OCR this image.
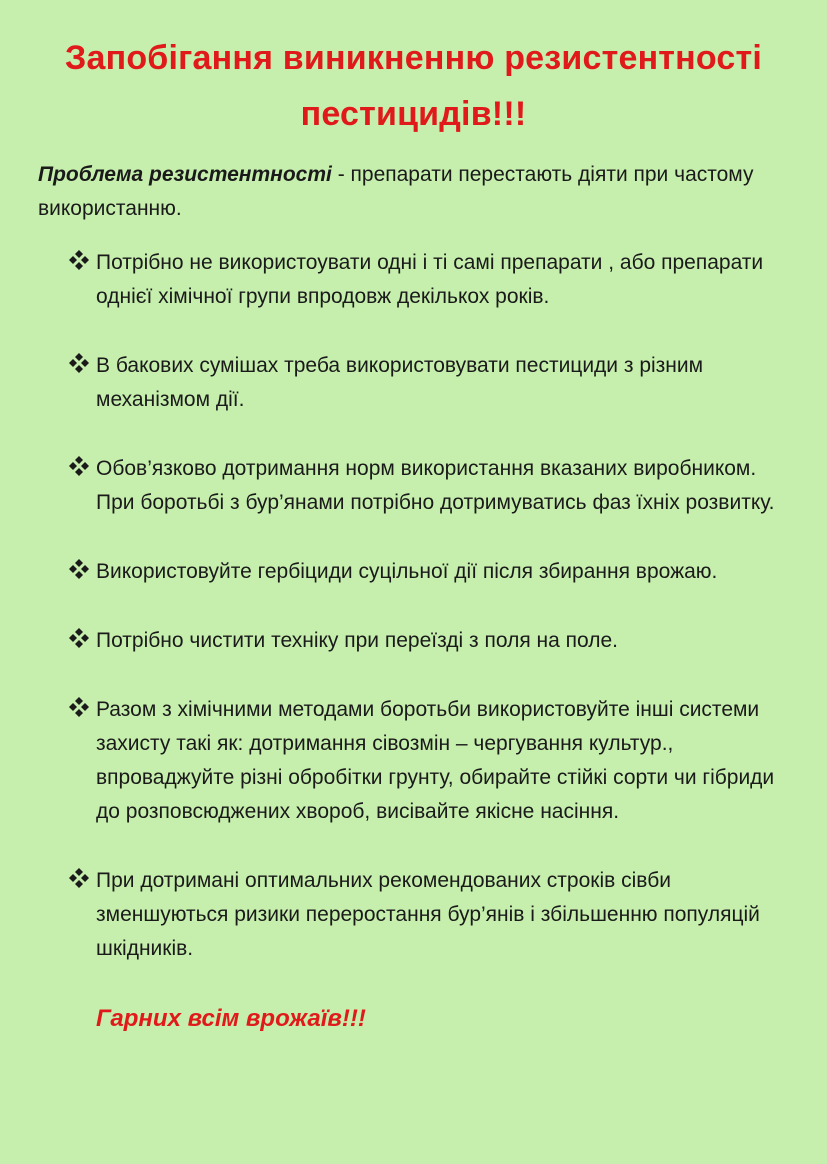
Запобігання виникненню резистентності
пестицидів!!!

Проблема резистентності - препарати перестають діяти при частому використанню.

Потрібно не використоувати одні і ті самі препарати , або препарати однієї хімічної групи впродовж декількох років.
В бакових сумішах треба використовувати пестициди з різним механізмом дії.
Обов’язково дотримання норм використання вказаних виробником. При боротьбі з бур’янами потрібно дотримуватись фаз їхніх розвитку.
Використовуйте гербіциди суцільної дії після збирання врожаю.
Потрібно чистити техніку при переїзді з поля на поле.
Разом з хімічними методами боротьби використовуйте інші системи захисту такі як: дотримання сівозмін – чергування культур., впроваджуйте різні обробітки грунту, обирайте стійкі сорти чи гібриди до розповсюджених хвороб, висівайте якісне насіння.
При дотримані оптимальних рекомендованих строків сівби зменшуються ризики переростання бур’янів і збільшенню популяцій шкідників.

Гарних всім врожаїв!!!
